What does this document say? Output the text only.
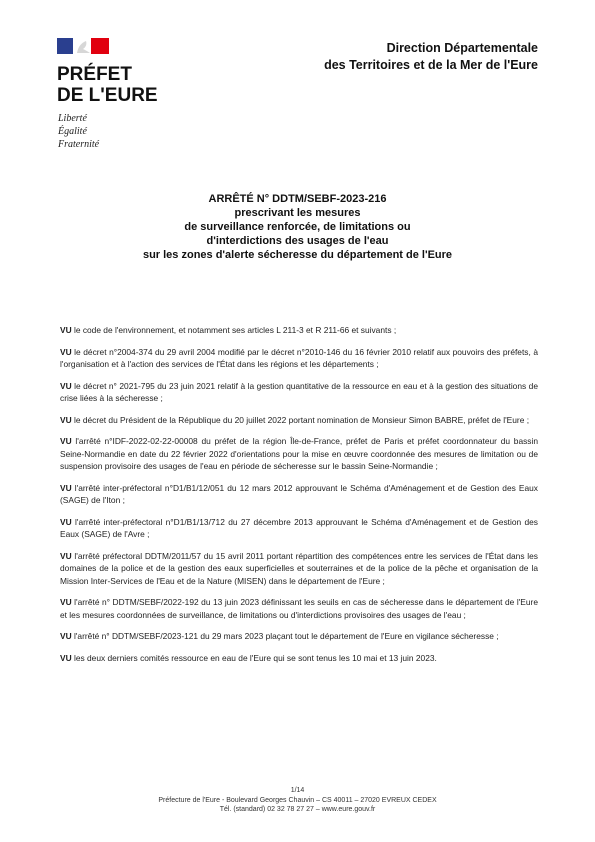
PRÉFET
DE L'EURE
Liberté
Égalité
Fraternité
Direction Départementale
des Territoires et de la Mer de l'Eure
ARRÊTÉ N° DDTM/SEBF-2023-216
prescrivant les mesures
de surveillance renforcée, de limitations ou
d'interdictions des usages de l'eau
sur les zones d'alerte sécheresse du département de l'Eure

VU le code de l'environnement, et notamment ses articles L 211-3 et R 211-66 et suivants ;

VU le décret n°2004-374 du 29 avril 2004 modifié par le décret n°2010-146 du 16 février 2010 relatif aux pouvoirs des préfets, à l'organisation et à l'action des services de l'État dans les régions et les départements ;

VU le décret n° 2021-795 du 23 juin 2021 relatif à la gestion quantitative de la ressource en eau et à la gestion des situations de crise liées à la sécheresse ;

VU le décret du Président de la République du 20 juillet 2022 portant nomination de Monsieur Simon BABRE, préfet de l'Eure ;

VU l'arrêté n°IDF-2022-02-22-00008 du préfet de la région Île-de-France, préfet de Paris et préfet coordonnateur du bassin Seine-Normandie en date du 22 février 2022 d'orientations pour la mise en œuvre coordonnée des mesures de limitation ou de suspension provisoire des usages de l'eau en période de sécheresse sur le bassin Seine-Normandie ;

VU l'arrêté inter-préfectoral n°D1/B1/12/051 du 12 mars 2012 approuvant le Schéma d'Aménagement et de Gestion des Eaux (SAGE) de l'Iton ;

VU l'arrêté inter-préfectoral n°D1/B1/13/712 du 27 décembre 2013 approuvant le Schéma d'Aménagement et de Gestion des Eaux (SAGE) de l'Avre ;

VU l'arrêté préfectoral DDTM/2011/57 du 15 avril 2011 portant répartition des compétences entre les services de l'État dans les domaines de la police et de la gestion des eaux superficielles et souterraines et de la police de la pêche et organisation de la Mission Inter-Services de l'Eau et de la Nature (MISEN) dans le département de l'Eure ;

VU l'arrêté n° DDTM/SEBF/2022-192 du 13 juin 2023 définissant les seuils en cas de sécheresse dans le département de l'Eure et les mesures coordonnées de surveillance, de limitations ou d'interdictions provisoires des usages de l'eau ;

VU l'arrêté n° DDTM/SEBF/2023-121 du 29 mars 2023 plaçant tout le département de l'Eure en vigilance sécheresse ;

VU les deux derniers comités ressource en eau de l'Eure qui se sont tenus les 10 mai et 13 juin 2023.

1/14
Préfecture de l'Eure - Boulevard Georges Chauvin – CS 40011 – 27020 EVREUX CEDEX
Tél. (standard) 02 32 78 27 27 – www.eure.gouv.fr
